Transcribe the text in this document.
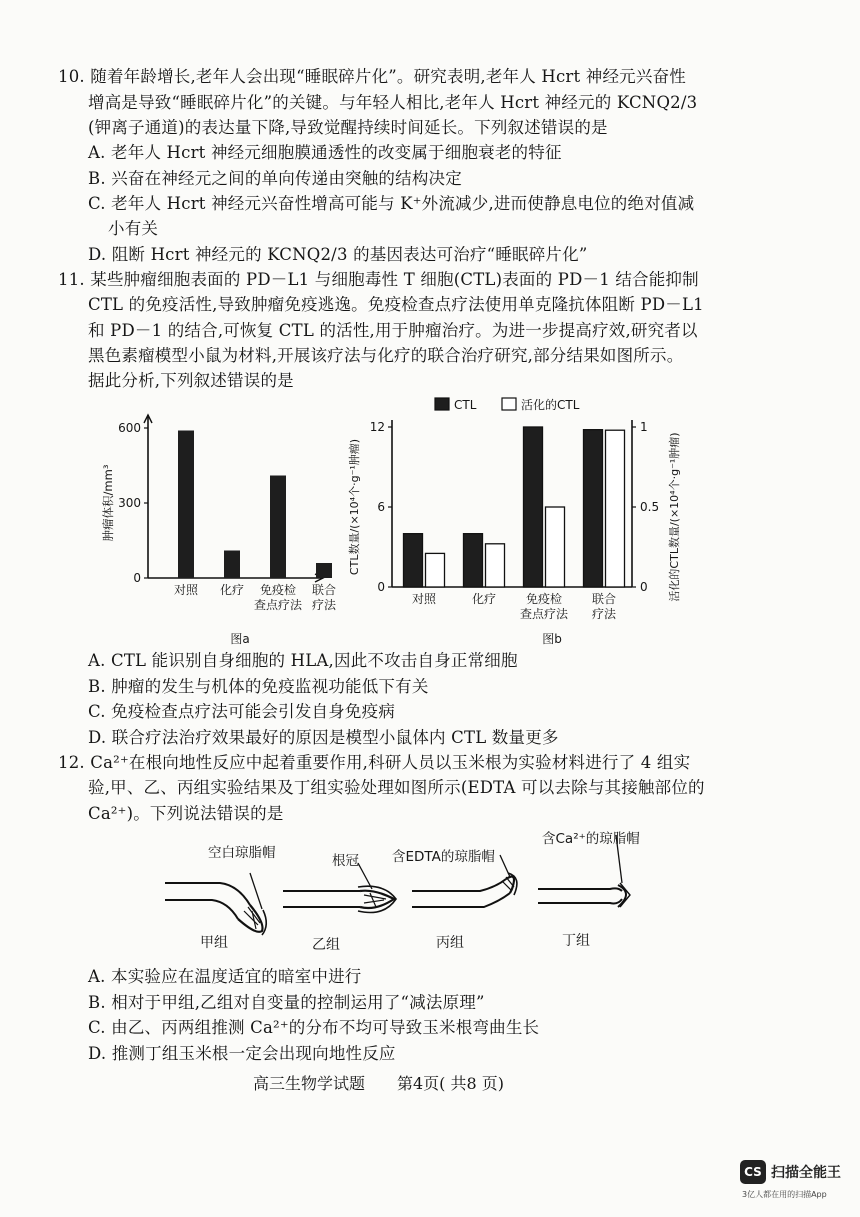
10. 随着年龄增长,老年人会出现“睡眠碎片化”。研究表明,老年人 Hcrt 神经元兴奋性
增高是导致“睡眠碎片化”的关键。与年轻人相比,老年人 Hcrt 神经元的 KCNQ2/3
(钾离子通道)的表达量下降,导致觉醒持续时间延长。下列叙述错误的是
A. 老年人 Hcrt 神经元细胞膜通透性的改变属于细胞衰老的特征
B. 兴奋在神经元之间的单向传递由突触的结构决定
C. 老年人 Hcrt 神经元兴奋性增高可能与 K⁺外流减少,进而使静息电位的绝对值减
小有关
D. 阻断 Hcrt 神经元的 KCNQ2/3 的基因表达可治疗“睡眠碎片化”
11. 某些肿瘤细胞表面的 PD－L1 与细胞毒性 T 细胞(CTL)表面的 PD－1 结合能抑制
CTL 的免疫活性,导致肿瘤免疫逃逸。免疫检查点疗法使用单克隆抗体阻断 PD－L1
和 PD－1 的结合,可恢复 CTL 的活性,用于肿瘤治疗。为进一步提高疗效,研究者以
黑色素瘤模型小鼠为材料,开展该疗法与化疗的联合治疗研究,部分结果如图所示。
据此分析,下列叙述错误的是
0
300
600
对照 化疗 免疫检
查点疗法
联合
疗法
肿瘤体积/mm³
图a
0
6
12
0
0.5
1
对照	化疗 免疫检
查点疗法
联合
疗法
CTL	活化的CTL
CTL数量/(×10⁴个·g⁻¹肿瘤)	活化的CTL数量/(×10⁴个·g⁻¹肿瘤)
图b
A. CTL 能识别自身细胞的 HLA,因此不攻击自身正常细胞
B. 肿瘤的发生与机体的免疫监视功能低下有关
C. 免疫检查点疗法可能会引发自身免疫病
D. 联合疗法治疗效果最好的原因是模型小鼠体内 CTL 数量更多
12. Ca²⁺在根向地性反应中起着重要作用,科研人员以玉米根为实验材料进行了 4 组实
验,甲、乙、丙组实验结果及丁组实验处理如图所示(EDTA 可以去除与其接触部位的
Ca²⁺)。下列说法错误的是
空白琼脂帽	根冠 含EDTA的琼脂帽
含Ca²⁺的琼脂帽
甲组	乙组	丙组	丁组
A. 本实验应在温度适宜的暗室中进行
B. 相对于甲组,乙组对自变量的控制运用了“减法原理”
C. 由乙、丙两组推测 Ca²⁺的分布不均可导致玉米根弯曲生长
D. 推测丁组玉米根一定会出现向地性反应
高三生物学试题　　第4页( 共8 页)
CS 扫描全能王
3亿人都在用的扫描App
